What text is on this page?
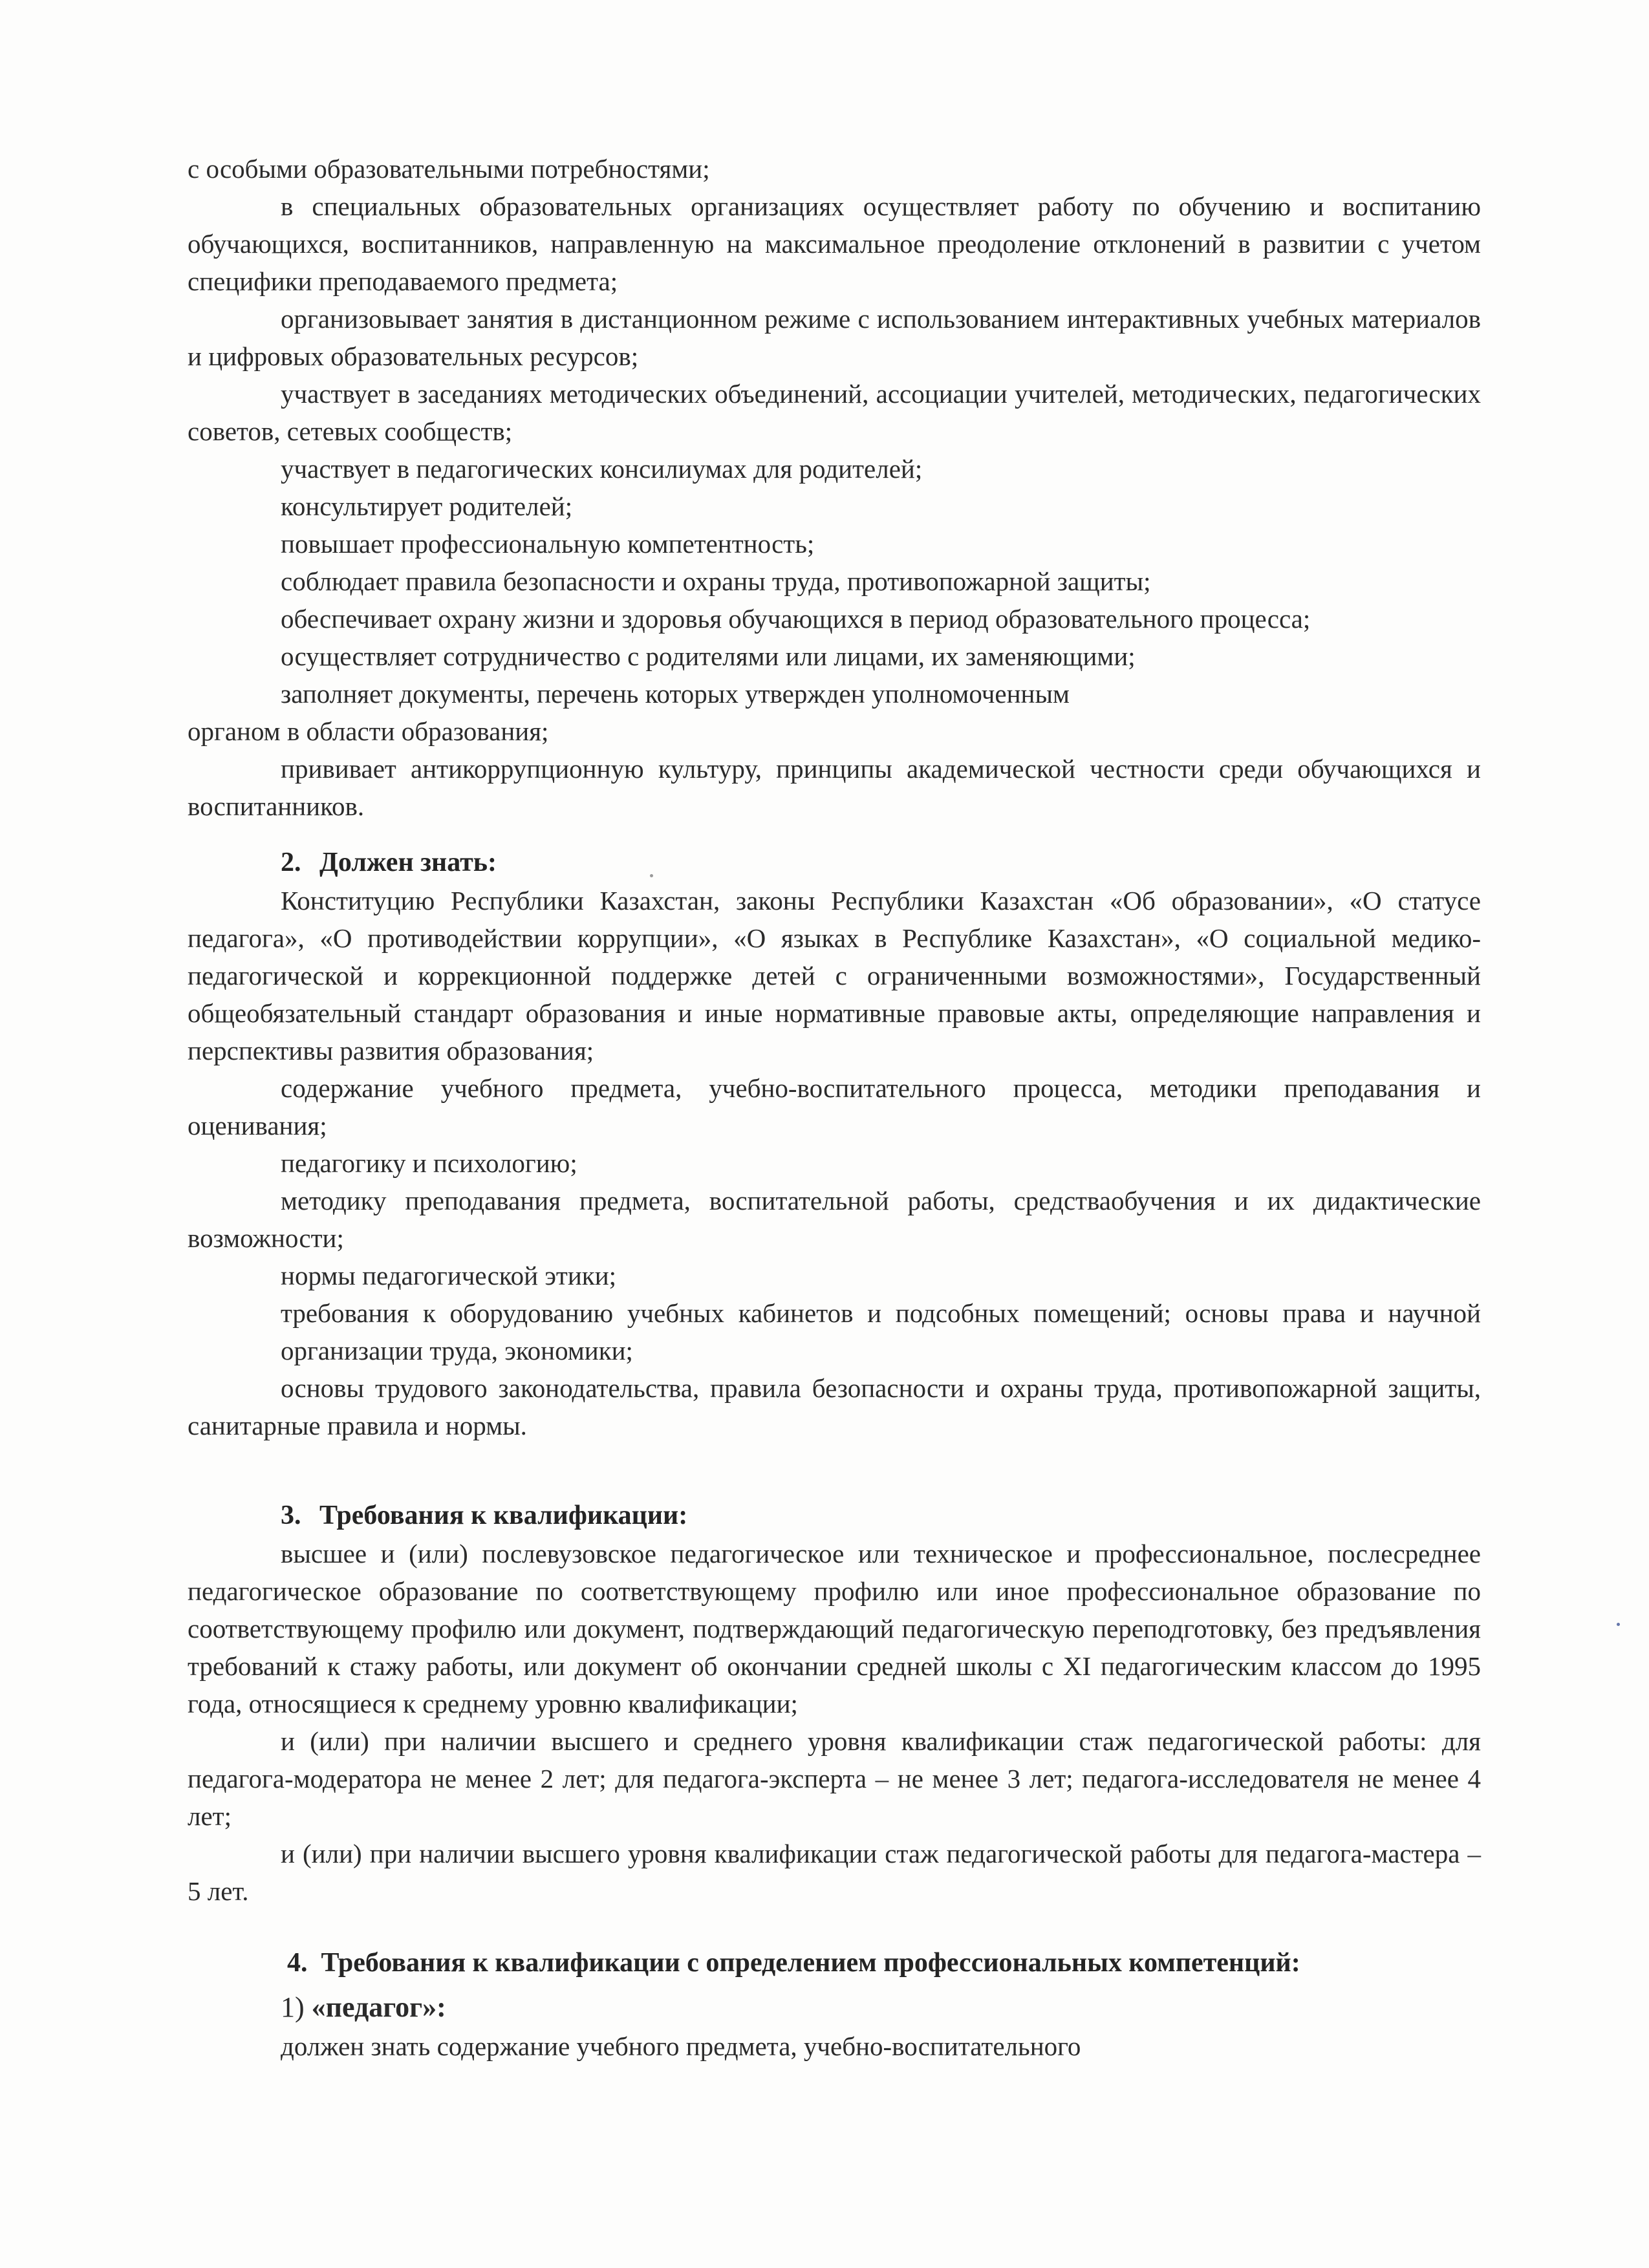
с особыми образовательными потребностями;

в специальных образовательных организациях осуществляет работу по обучению и воспитанию обучающихся, воспитанников, направленную на максимальное преодоление отклонений в развитии с учетом специфики преподаваемого предмета;

организовывает занятия в дистанционном режиме с использованием интерактивных учебных материалов и цифровых образовательных ресурсов;

участвует в заседаниях методических объединений, ассоциации учителей, методических, педагогических советов, сетевых сообществ;

участвует в педагогических консилиумах для родителей;

консультирует родителей;

повышает профессиональную компетентность;

соблюдает правила безопасности и охраны труда, противопожарной защиты;

обеспечивает охрану жизни и здоровья обучающихся в период образовательного процесса;

осуществляет сотрудничество с родителями или лицами, их заменяющими;

заполняет документы, перечень которых утвержден уполномоченным

органом в области образования;

прививает антикоррупционную культуру, принципы академической честности среди обучающихся и воспитанников.

2. Должен знать:

Конституцию Республики Казахстан, законы Республики Казахстан «Об образовании», «О статусе педагога», «О противодействии коррупции», «О языках в Республике Казахстан», «О социальной медико-педагогической и коррекционной поддержке детей с ограниченными возможностями», Государственный общеобязательный стандарт образования и иные нормативные правовые акты, определяющие направления и перспективы развития образования;

содержание учебного предмета, учебно-воспитательного процесса, методики преподавания и оценивания;

педагогику и психологию;

методику преподавания предмета, воспитательной работы, средстваобучения и их дидактические возможности;

нормы педагогической этики;

требования к оборудованию учебных кабинетов и подсобных помещений; основы права и научной организации труда, экономики;

основы трудового законодательства, правила безопасности и охраны труда, противопожарной защиты, санитарные правила и нормы.

3. Требования к квалификации:

высшее и (или) послевузовское педагогическое или техническое и профессиональное, послесреднее педагогическое образование по соответствующему профилю или иное профессиональное образование по соответствующему профилю или документ, подтверждающий педагогическую переподготовку, без предъявления требований к стажу работы, или документ об окончании средней школы с XI педагогическим классом до 1995 года, относящиеся к среднему уровню квалификации;

и (или) при наличии высшего и среднего уровня квалификации стаж педагогической работы: для педагога-модератора не менее 2 лет; для педагога-эксперта – не менее 3 лет; педагога-исследователя не менее 4 лет;

и (или) при наличии высшего уровня квалификации стаж педагогической работы для педагога-мастера – 5 лет.

4. Требования к квалификации с определением профессиональных компетенций:

1) «педагог»:

должен знать содержание учебного предмета, учебно-воспитательного
